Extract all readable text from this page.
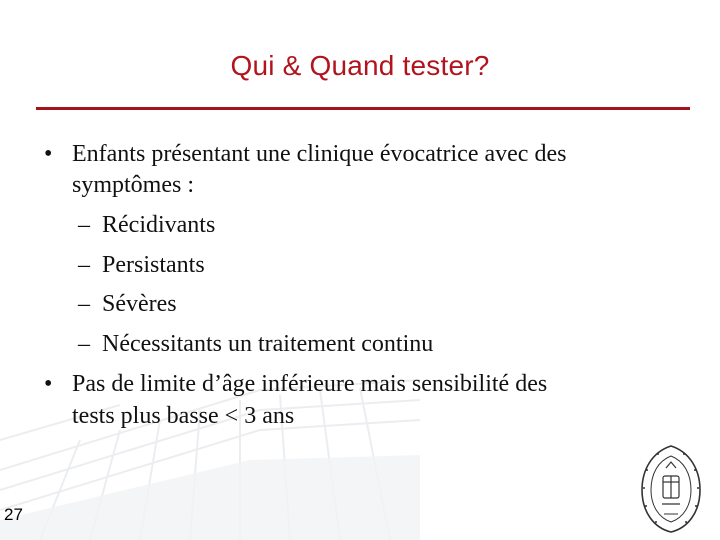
Qui & Quand tester?
• Enfants présentant une clinique évocatrice avec des
symptômes :
– Récidivants
– Persistants
– Sévères
– Nécessitants un traitement continu
• Pas de limite d’âge inférieure mais sensibilité des
tests plus basse < 3 ans
27
